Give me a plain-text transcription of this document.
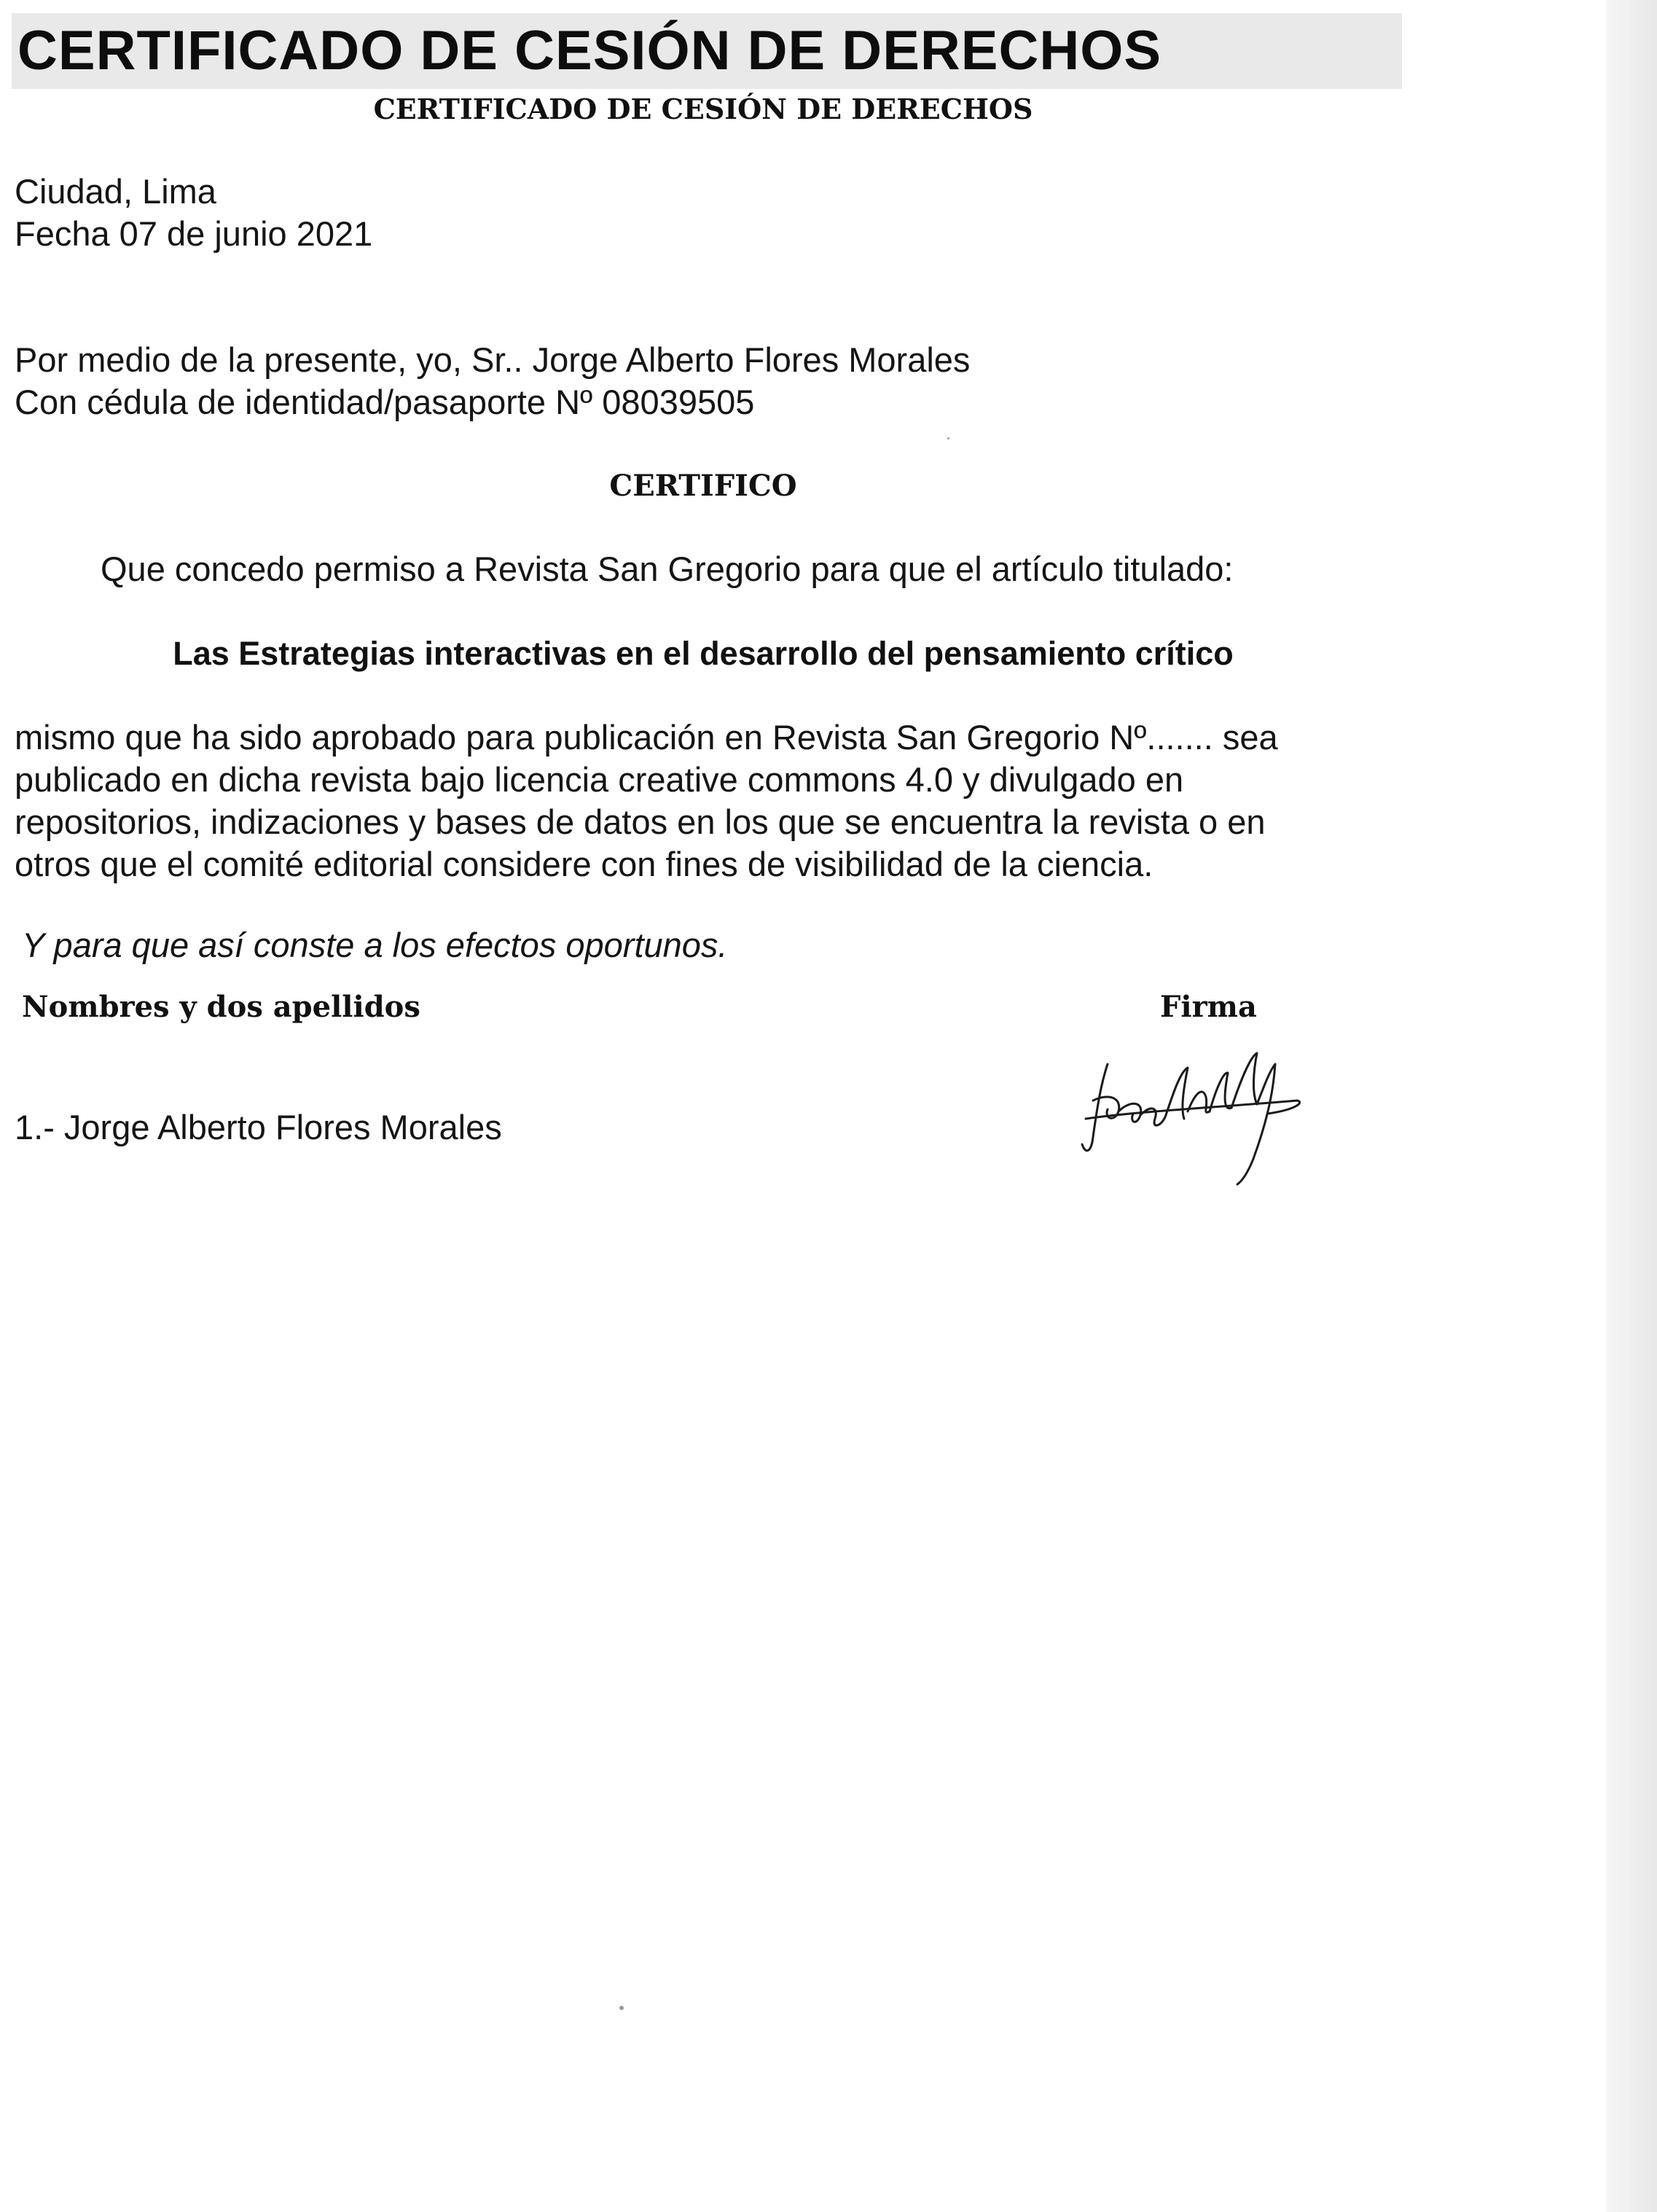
CERTIFICADO DE CESIÓN DE DERECHOS
CERTIFICADO DE CESIÓN DE DERECHOS
Ciudad, Lima
Fecha 07 de junio 2021
Por medio de la presente, yo, Sr.. Jorge Alberto Flores Morales
Con cédula de identidad/pasaporte Nº 08039505
CERTIFICO
Que concedo permiso a Revista San Gregorio para que el artículo titulado:
Las Estrategias interactivas en el desarrollo del pensamiento crítico
mismo que ha sido aprobado para publicación en Revista San Gregorio Nº....... sea
publicado en dicha revista bajo licencia creative commons 4.0 y divulgado en
repositorios, indizaciones y bases de datos en los que se encuentra la revista o en
otros que el comité editorial considere con fines de visibilidad de la ciencia.
Y para que así conste a los efectos oportunos.
Nombres y dos apellidos	Firma
1.- Jorge Alberto Flores Morales
